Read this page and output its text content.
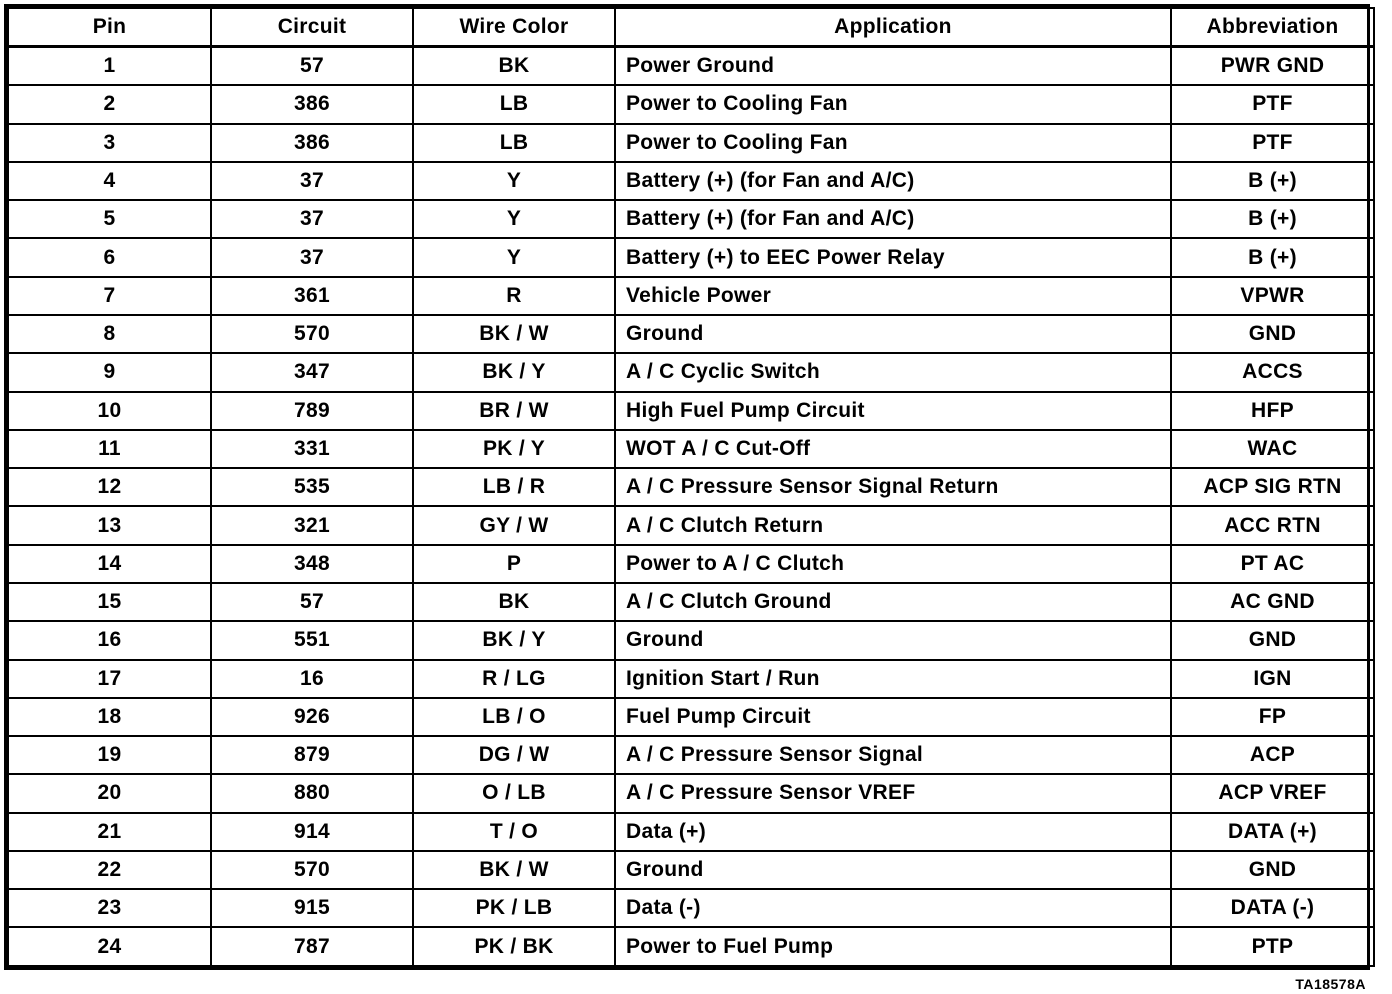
Pin	Circuit	Wire Color	Application	Abbreviation
1	57	BK	Power Ground	PWR GND
2	386	LB	Power to Cooling Fan	PTF
3	386	LB	Power to Cooling Fan	PTF
4	37	Y	Battery (+) (for Fan and A/C)	B (+)
5	37	Y	Battery (+) (for Fan and A/C)	B (+)
6	37	Y	Battery (+) to EEC Power Relay	B (+)
7	361	R	Vehicle Power	VPWR
8	570	BK / W	Ground	GND
9	347	BK / Y	A / C Cyclic Switch	ACCS
10	789	BR / W	High Fuel Pump Circuit	HFP
11	331	PK / Y	WOT A / C Cut-Off	WAC
12	535	LB / R	A / C Pressure Sensor Signal Return	ACP SIG RTN
13	321	GY / W	A / C Clutch Return	ACC RTN
14	348	P	Power to A / C Clutch	PT AC
15	57	BK	A / C Clutch Ground	AC GND
16	551	BK / Y	Ground	GND
17	16	R / LG	Ignition Start / Run	IGN
18	926	LB / O	Fuel Pump Circuit	FP
19	879	DG / W	A / C Pressure Sensor Signal	ACP
20	880	O / LB	A / C Pressure Sensor VREF	ACP VREF
21	914	T / O	Data (+)	DATA (+)
22	570	BK / W	Ground	GND
23	915	PK / LB	Data (-)	DATA (-)
24	787	PK / BK	Power to Fuel Pump	PTP
TA18578A
